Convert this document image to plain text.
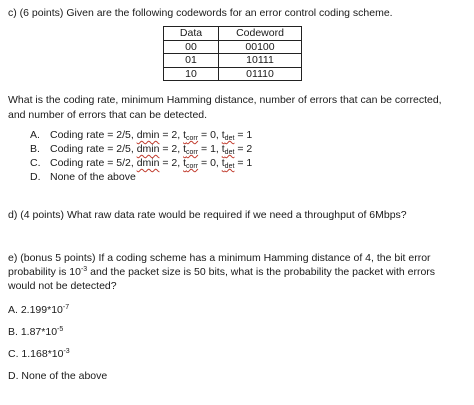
c) (6 points) Given are the following codewords for an error control coding scheme.
Data	Codeword
00	00100
01	10111
10	01110
What is the coding rate, minimum Hamming distance, number of errors that can be corrected,
and number of errors that can be detected.
A. Coding rate = 2/5, dmin = 2, $t_{corr} = 0$, $t_{det} = 1$
B. Coding rate = 2/5, dmin = 2, $t_{corr} = 1$, $t_{det} = 2$
C. Coding rate = 5/2, dmin = 2, $t_{corr} = 0$, $t_{det} = 1$
D. None of the above
d) (4 points) What raw data rate would be required if we need a throughput of 6Mbps?
e) (bonus 5 points) If a coding scheme has a minimum Hamming distance of 4, the bit error
probability is $10^{-3}$ and the packet size is 50 bits, what is the probability the packet with errors
would not be detected?
A. $2.199*10^{-7}$
B. $1.87*10^{-5}$
C. $1.168*10^{-3}$
D. None of the above
